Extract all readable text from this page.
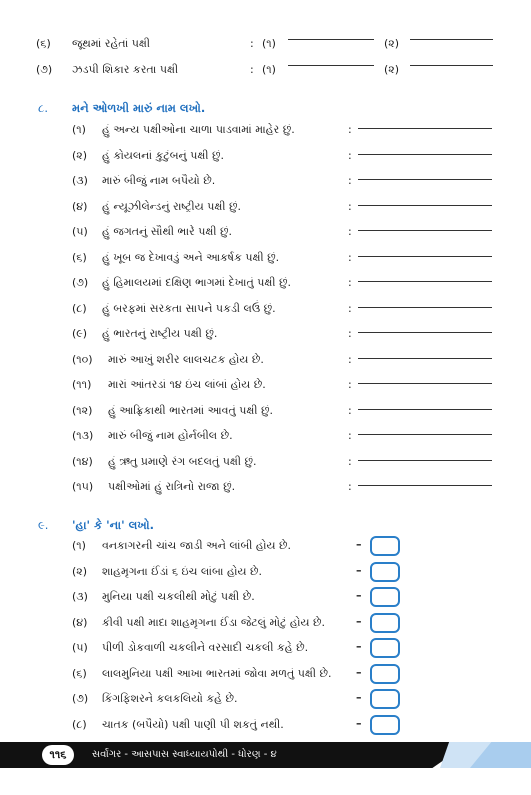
(૬) જૂથમાં રહેતાં પક્ષી	: (૧)	(૨)
(૭) ઝડપી શિકાર કરતા પક્ષી	: (૧)	(૨)
૮. મને ઓળખી મારું નામ લખો.
(૧) હું અન્ય પક્ષીઓના ચાળા પાડવામાં માહેર છું.	:
(૨) હું કોયલનાં કુટુંબનું પક્ષી છું.	:
(૩) મારું બીજું નામ બપૈયો છે.	:
(૪) હું ન્યૂઝીલેન્ડનું રાષ્ટ્રીય પક્ષી છું.	:
(૫) હું જગતનું સૌથી ભારે પક્ષી છું.	:
(૬) હું ખૂબ જ દેખાવડું અને આકર્ષક પક્ષી છું.	:
(૭) હું હિમાલયમાં દક્ષિણ ભાગમાં દેખાતું પક્ષી છું.	:
(૮) હું બરફમાં સરકતા સાપને પકડી લઉં છું.	:
(૯) હું ભારતનું રાષ્ટ્રીય પક્ષી છું.	:
(૧૦) મારું આખું શરીર લાલચટક હોય છે.	:
(૧૧) મારાં આંતરડાં ૧૪ ઇંચ લાંબાં હોય છે.	:
(૧૨) હું આફ્રિકાથી ભારતમાં આવતું પક્ષી છું.	:
(૧૩) મારું બીજું નામ હોર્નબીલ છે.	:
(૧૪) હું ઋતુ પ્રમાણે રંગ બદલતું પક્ષી છું.	:
(૧૫) પક્ષીઓમાં હું રાત્રિનો રાજા છું.	:
૯. 'હા' કે 'ના' લખો.
(૧) વનકાગરની ચાંચ જાડી અને લાંબી હોય છે.	–
(૨) શાહમૃગના ઈંડાં ૬ ઇંચ લાંબા હોય છે.	–
(૩) મુનિયા પક્ષી ચકલીથી મોટું પક્ષી છે.	–
(૪) કીવી પક્ષી માદા શાહમૃગના ઈંડા જેટલું મોટું હોય છે.	–
(૫) પીળી ડોકવાળી ચકલીને વરસાદી ચકલી કહે છે.	–
(૬) લાલમુનિયા પક્ષી આખા ભારતમાં જોવા મળતું પક્ષી છે. –
(૭) કિંગફિશરને કલકલિયો કહે છે.	–
(૮) ચાતક (બપૈયો) પક્ષી પાણી પી શકતું નથી.	–
૧૧૬	સર્વાંગર - આસપાસ સ્વાધ્યાયપોથી - ધોરણ - ૪
